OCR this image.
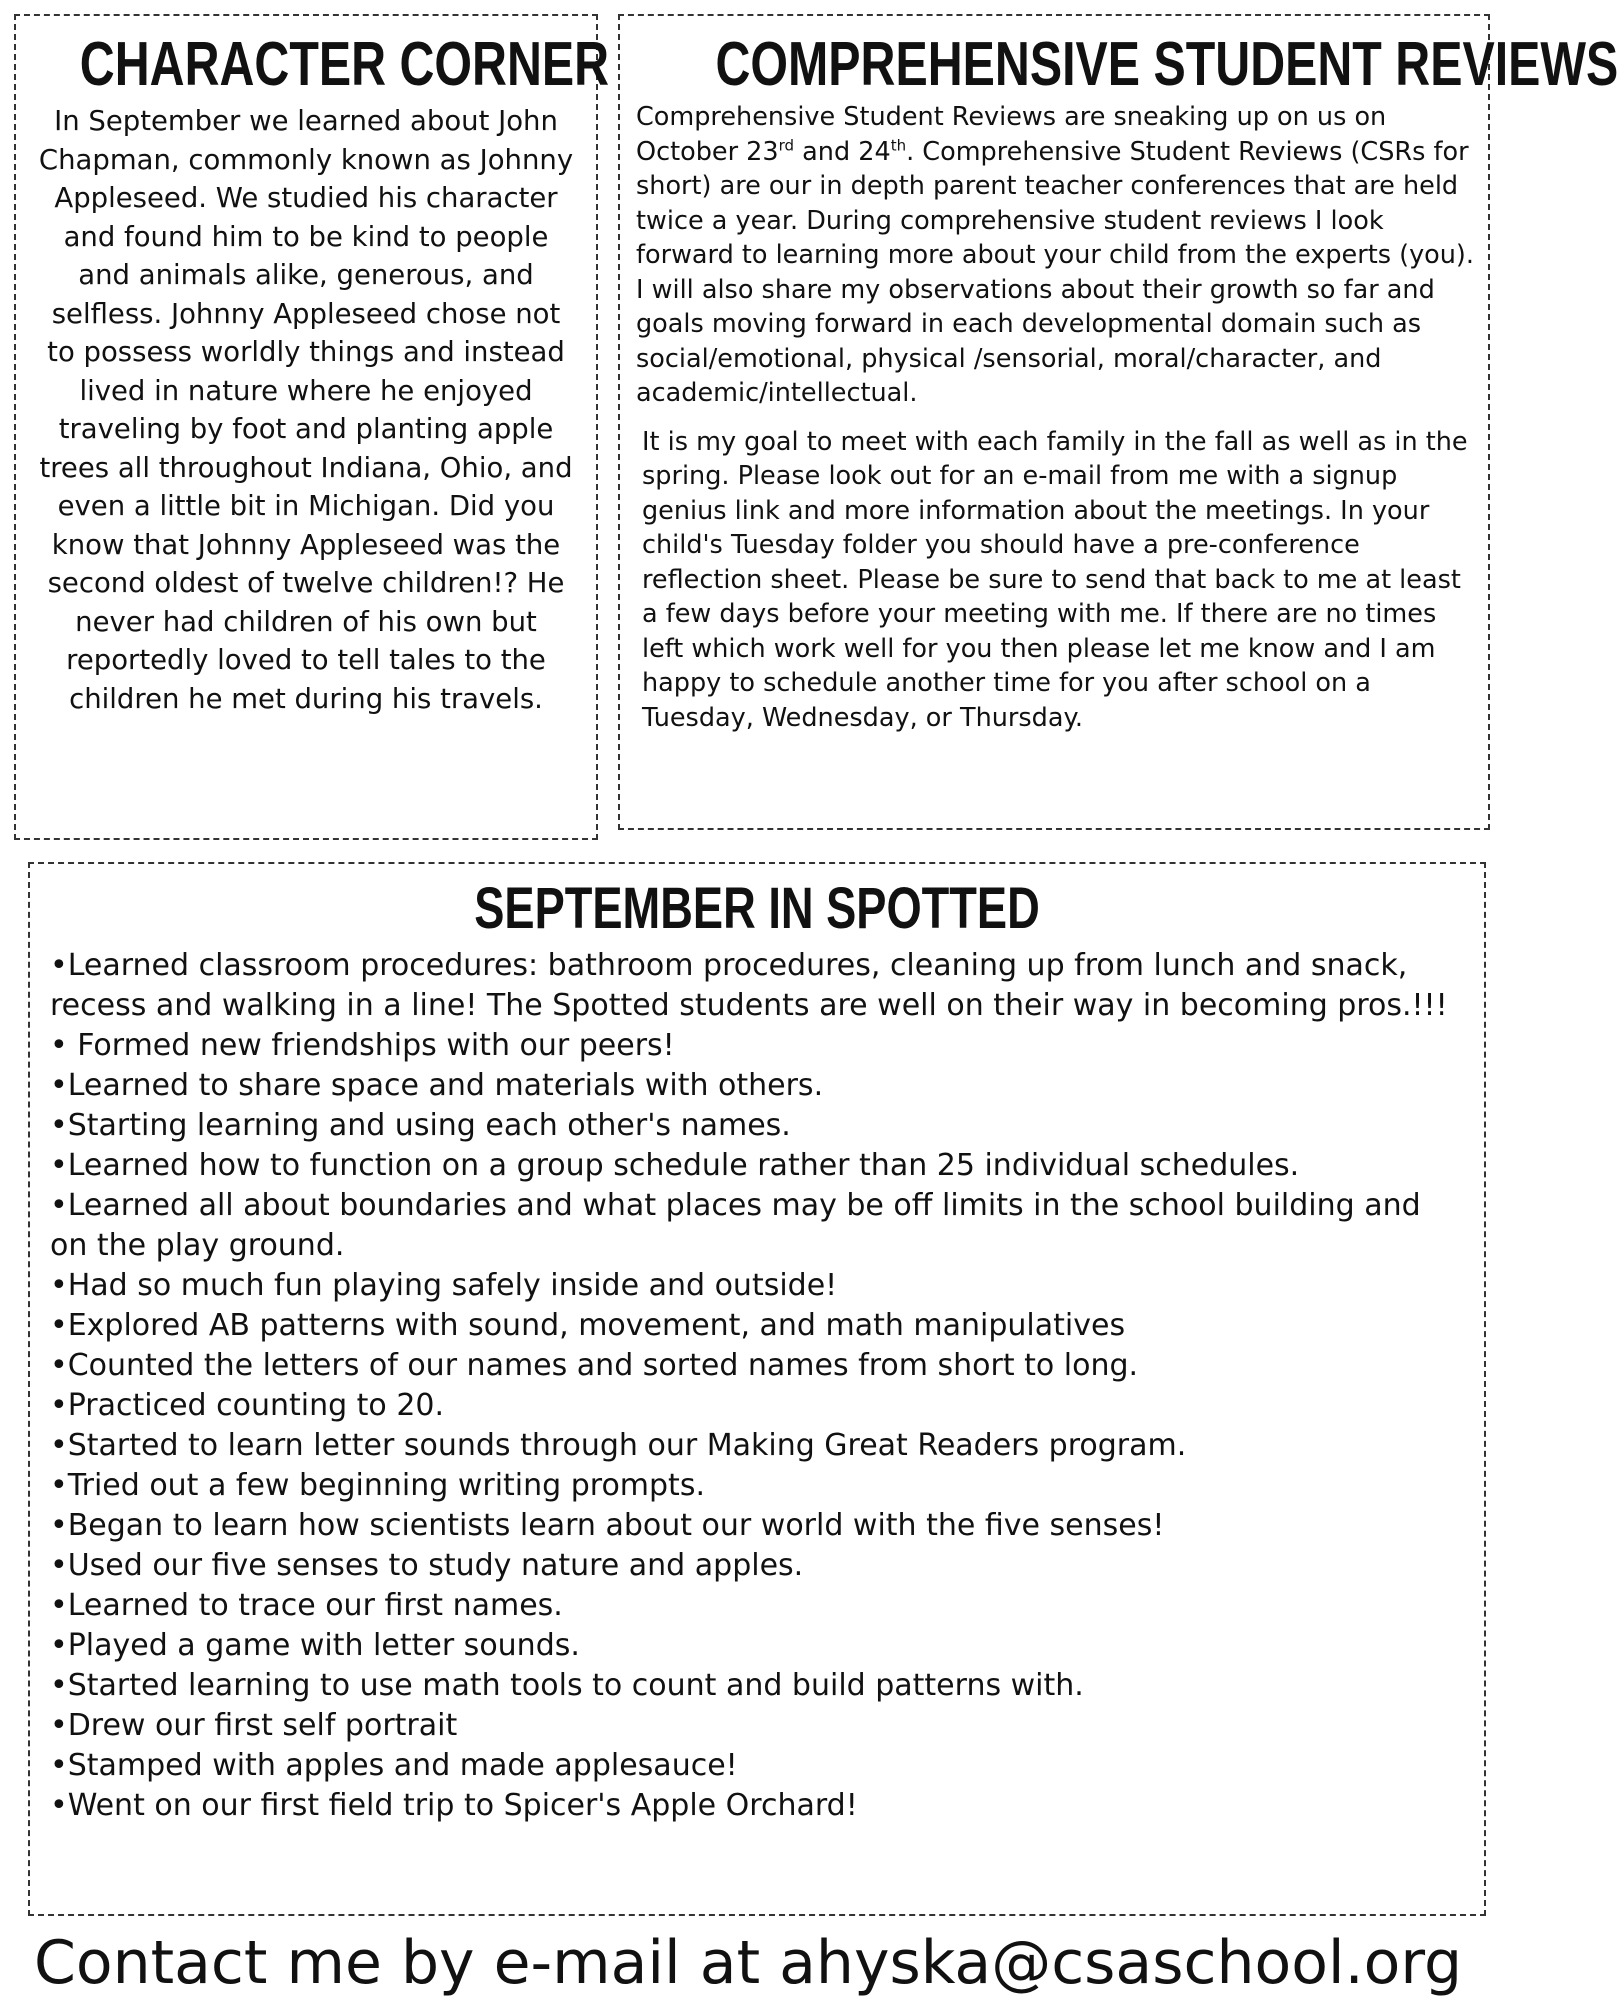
CHARACTER CORNER

In September we learned about John Chapman, commonly known as Johnny Appleseed. We studied his character and found him to be kind to people and animals alike, generous, and selfless. Johnny Appleseed chose not to possess worldly things and instead lived in nature where he enjoyed traveling by foot and planting apple trees all throughout Indiana, Ohio, and even a little bit in Michigan. Did you know that Johnny Appleseed was the second oldest of twelve children!? He never had children of his own but reportedly loved to tell tales to the children he met during his travels.

COMPREHENSIVE STUDENT REVIEWS

Comprehensive Student Reviews are sneaking up on us on October 23rd and 24th. Comprehensive Student Reviews (CSRs for short) are our in depth parent teacher conferences that are held twice a year. During comprehensive student reviews I look forward to learning more about your child from the experts (you). I will also share my observations about their growth so far and goals moving forward in each developmental domain such as social/emotional, physical /sensorial, moral/character, and academic/intellectual.

It is my goal to meet with each family in the fall as well as in the spring. Please look out for an e-mail from me with a signup genius link and more information about the meetings. In your child's Tuesday folder you should have a pre-conference reflection sheet. Please be sure to send that back to me at least a few days before your meeting with me. If there are no times left which work well for you then please let me know and I am happy to schedule another time for you after school on a Tuesday, Wednesday, or Thursday.

SEPTEMBER IN SPOTTED
•Learned classroom procedures: bathroom procedures, cleaning up from lunch and snack, recess and walking in a line! The Spotted students are well on their way in becoming pros.!!!
• Formed new friendships with our peers!
•Learned to share space and materials with others.
•Starting learning and using each other's names.
•Learned how to function on a group schedule rather than 25 individual schedules.
•Learned all about boundaries and what places may be off limits in the school building and on the play ground.
•Had so much fun playing safely inside and outside!
•Explored AB patterns with sound, movement, and math manipulatives
•Counted the letters of our names and sorted names from short to long.
•Practiced counting to 20.
•Started to learn letter sounds through our Making Great Readers program.
•Tried out a few beginning writing prompts.
•Began to learn how scientists learn about our world with the five senses!
•Used our five senses to study nature and apples.
•Learned to trace our first names.
•Played a game with letter sounds.
•Started learning to use math tools to count and build patterns with.
•Drew our first self portrait
•Stamped with apples and made applesauce!
•Went on our first field trip to Spicer's Apple Orchard!
Contact me by e-mail at ahyska@csaschool.org
